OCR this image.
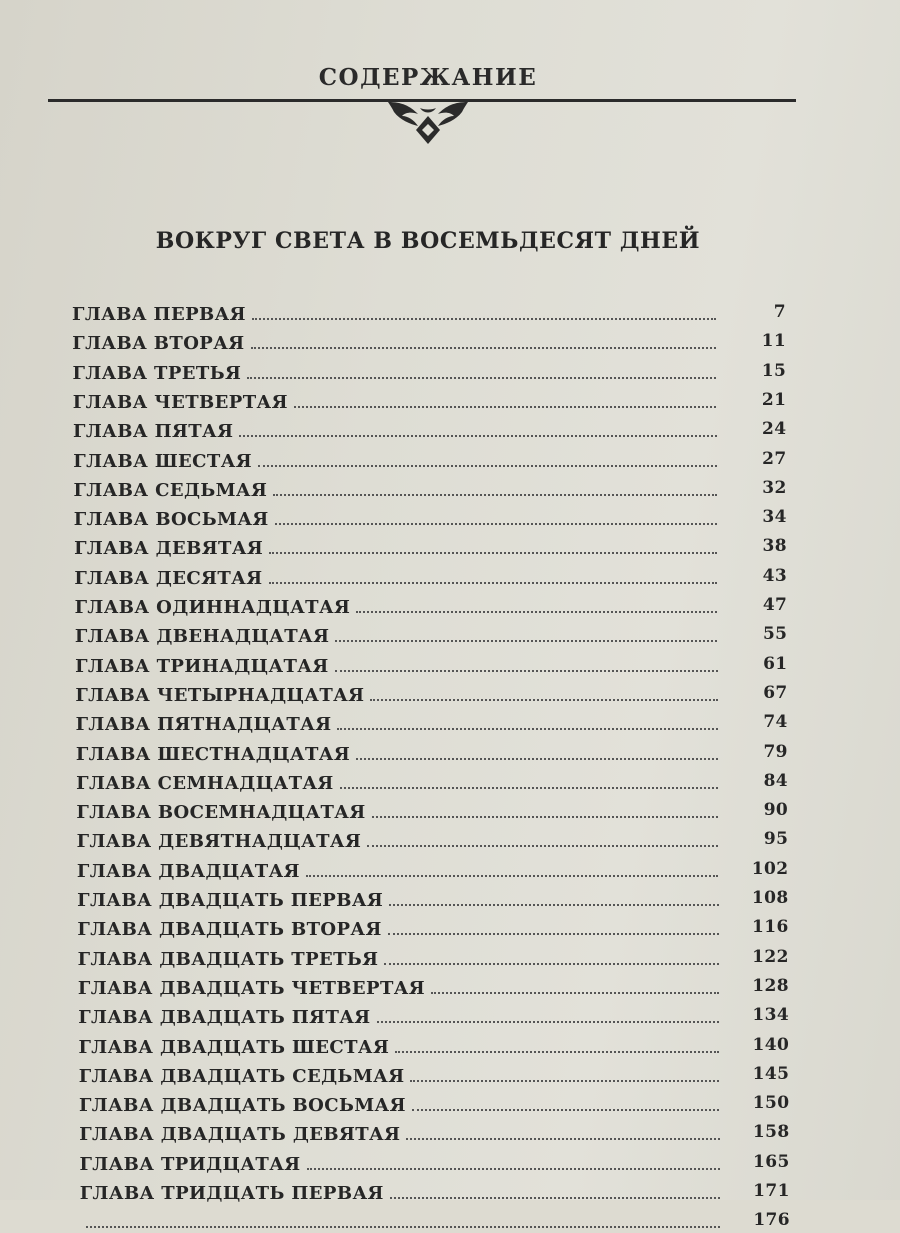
СОДЕРЖАНИЕ
ВОКРУГ СВЕТА В ВОСЕМЬДЕСЯТ ДНЕЙ
ГЛАВА ПЕРВАЯ	7
ГЛАВА ВТОРАЯ	11
ГЛАВА ТРЕТЬЯ	15
ГЛАВА ЧЕТВЕРТАЯ	21
ГЛАВА ПЯТАЯ	24
ГЛАВА ШЕСТАЯ	27
ГЛАВА СЕДЬМАЯ	32
ГЛАВА ВОСЬМАЯ	34
ГЛАВА ДЕВЯТАЯ	38
ГЛАВА ДЕСЯТАЯ	43
ГЛАВА ОДИННАДЦАТАЯ	47
ГЛАВА ДВЕНАДЦАТАЯ	55
ГЛАВА ТРИНАДЦАТАЯ	61
ГЛАВА ЧЕТЫРНАДЦАТАЯ	67
ГЛАВА ПЯТНАДЦАТАЯ	74
ГЛАВА ШЕСТНАДЦАТАЯ	79
ГЛАВА СЕМНАДЦАТАЯ	84
ГЛАВА ВОСЕМНАДЦАТАЯ	90
ГЛАВА ДЕВЯТНАДЦАТАЯ	95
ГЛАВА ДВАДЦАТАЯ	102
ГЛАВА ДВАДЦАТЬ ПЕРВАЯ	108
ГЛАВА ДВАДЦАТЬ ВТОРАЯ	116
ГЛАВА ДВАДЦАТЬ ТРЕТЬЯ	122
ГЛАВА ДВАДЦАТЬ ЧЕТВЕРТАЯ	128
ГЛАВА ДВАДЦАТЬ ПЯТАЯ	134
ГЛАВА ДВАДЦАТЬ ШЕСТАЯ	140
ГЛАВА ДВАДЦАТЬ СЕДЬМАЯ	145
ГЛАВА ДВАДЦАТЬ ВОСЬМАЯ	150
ГЛАВА ДВАДЦАТЬ ДЕВЯТАЯ	158
ГЛАВА ТРИДЦАТАЯ	165
ГЛАВА ТРИДЦАТЬ ПЕРВАЯ	171
176
